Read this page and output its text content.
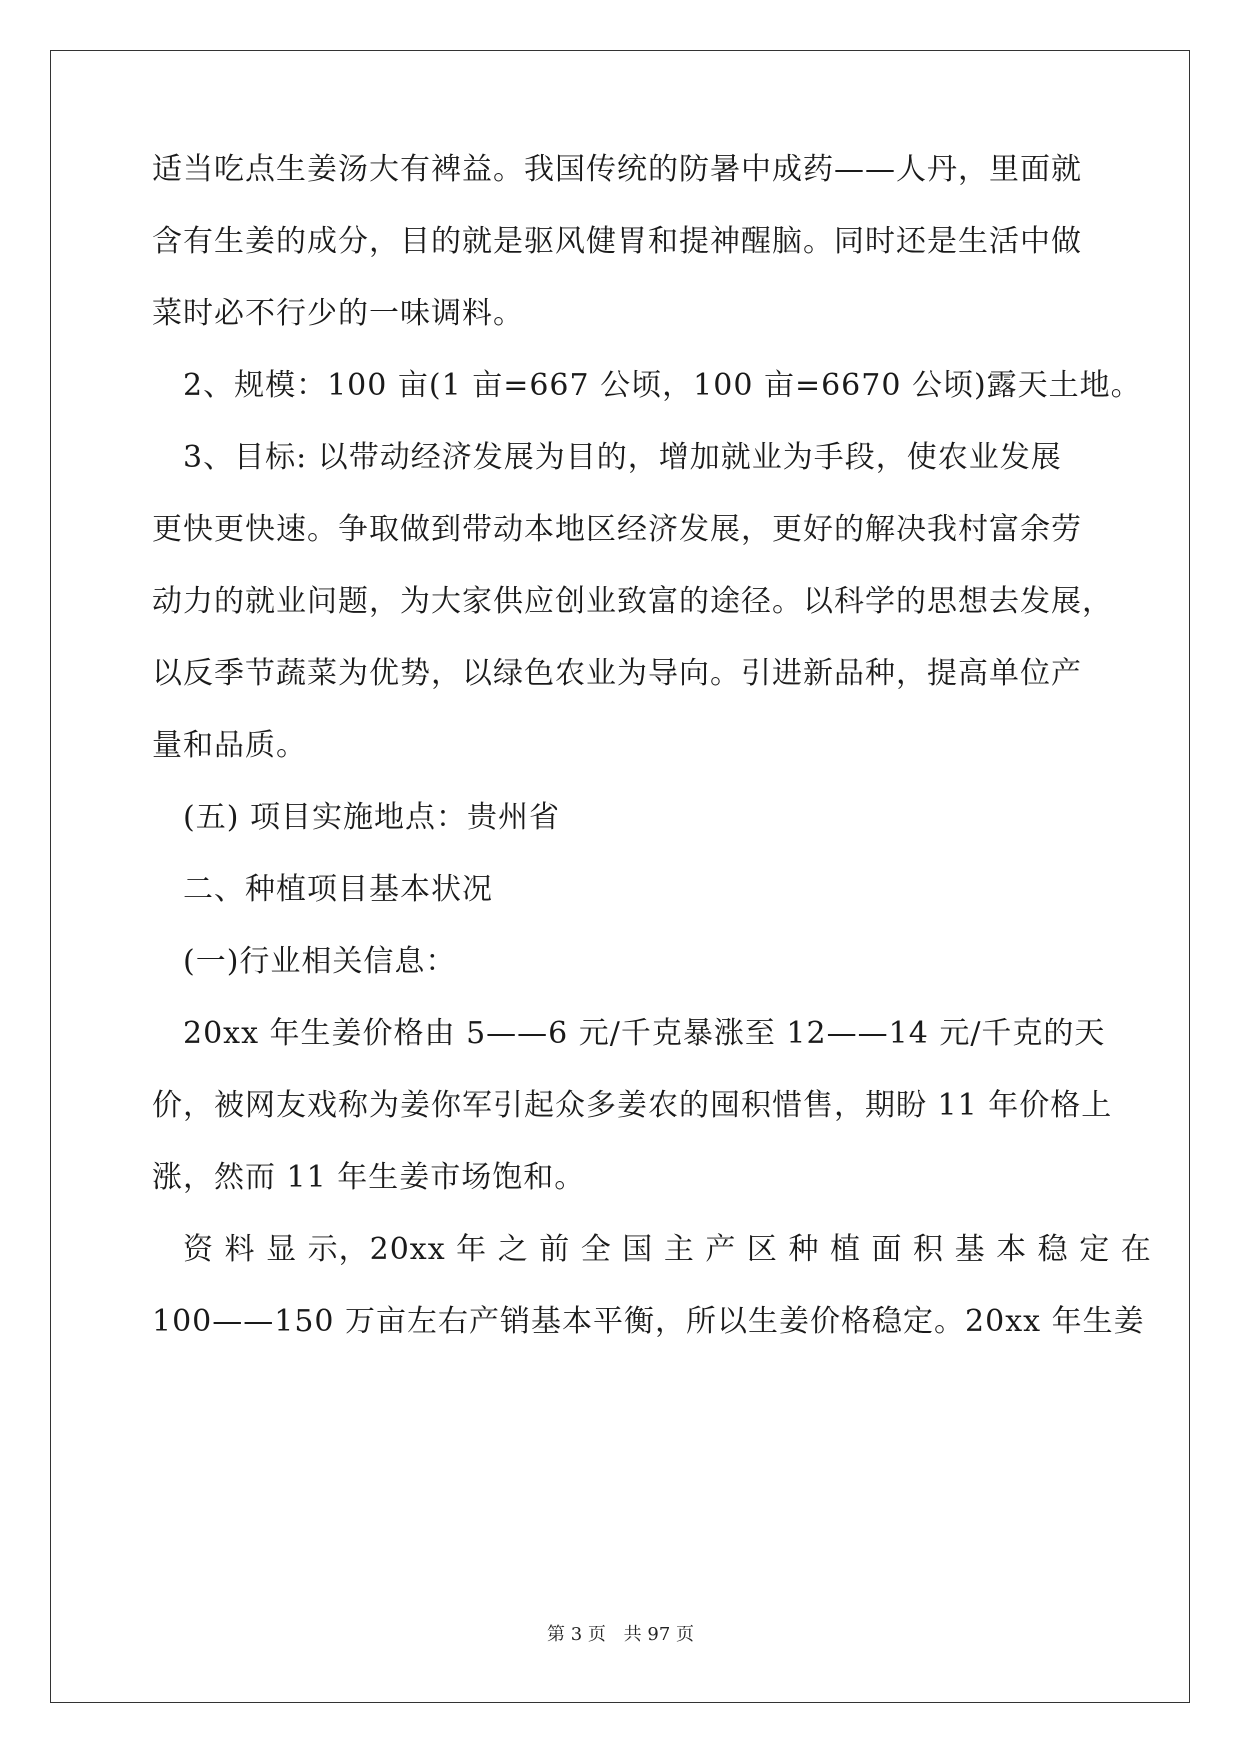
适当吃点生姜汤大有裨益。我国传统的防暑中成药——人丹，里面就
含有生姜的成分，目的就是驱风健胃和提神醒脑。同时还是生活中做
菜时必不行少的一味调料。
　2、规模：100 亩(1 亩=667 公顷，100 亩=6670 公顷)露天土地。
　3、目标: 以带动经济发展为目的，增加就业为手段，使农业发展
更快更快速。争取做到带动本地区经济发展，更好的解决我村富余劳
动力的就业问题，为大家供应创业致富的途径。以科学的思想去发展，
以反季节蔬菜为优势，以绿色农业为导向。引进新品种，提高单位产
量和品质。
　(五) 项目实施地点：贵州省
　二、种植项目基本状况
　(一)行业相关信息：
　20xx 年生姜价格由 5——6 元/千克暴涨至 12——14 元/千克的天
价，被网友戏称为姜你军引起众多姜农的囤积惜售，期盼 11 年价格上
涨，然而 11 年生姜市场饱和。
　资 料 显 示，20xx 年 之 前 全 国 主 产 区 种 植 面 积 基 本 稳 定 在
100——150 万亩左右产销基本平衡，所以生姜价格稳定。20xx 年生姜
第 3 页 共 97 页
